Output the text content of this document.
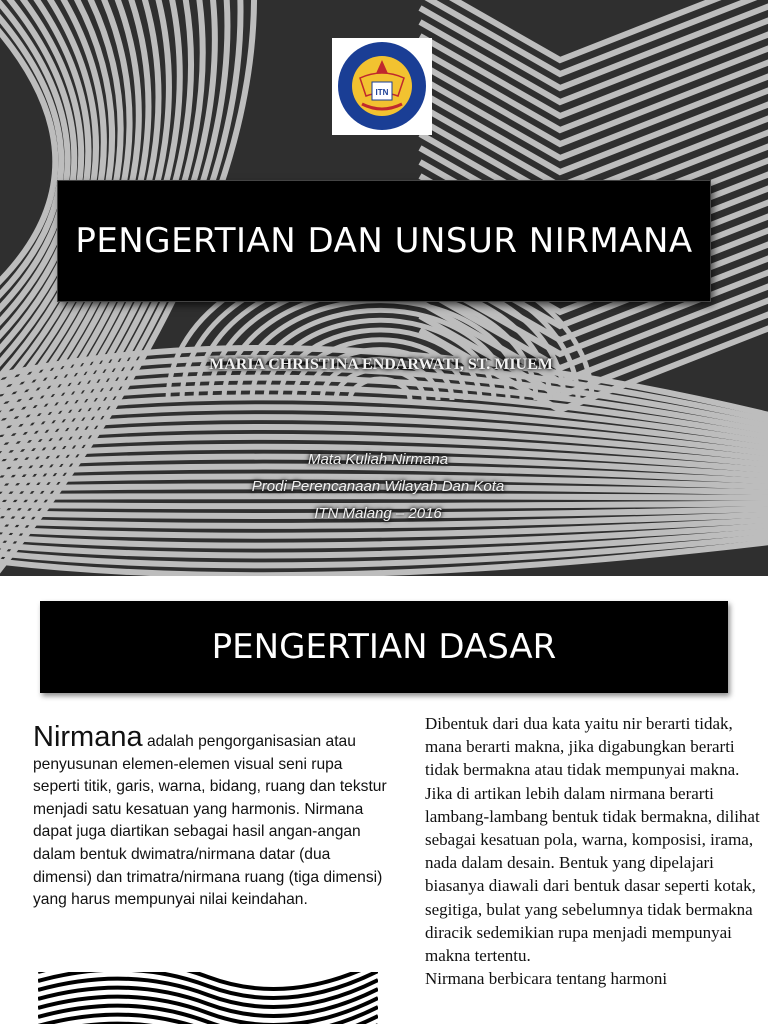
ITN
PENGERTIAN DAN UNSUR NIRMANA
MARIA CHRISTINA ENDARWATI, ST. MIUEM
Mata Kuliah Nirmana
Prodi Perencanaan Wilayah Dan Kota
ITN Malang – 2016
PENGERTIAN DASAR
Nirmana adalah pengorganisasian atau penyusunan elemen-elemen visual seni rupa seperti titik, garis, warna, bidang, ruang dan tekstur menjadi satu kesatuan yang harmonis. Nirmana dapat juga diartikan sebagai hasil angan-angan dalam bentuk dwimatra/nirmana datar (dua dimensi) dan trimatra/nirmana ruang (tiga dimensi) yang harus mempunyai nilai keindahan.

Dibentuk dari dua kata yaitu nir berarti tidak, mana berarti makna, jika digabungkan berarti tidak bermakna atau tidak mempunyai makna. Jika di artikan lebih dalam nirmana berarti lambang-lambang bentuk tidak bermakna, dilihat sebagai kesatuan pola, warna, komposisi, irama, nada dalam desain. Bentuk yang dipelajari biasanya diawali dari bentuk dasar seperti kotak, segitiga, bulat yang sebelumnya tidak bermakna diracik sedemikian rupa menjadi mempunyai makna tertentu.

Nirmana berbicara tentang harmoni
